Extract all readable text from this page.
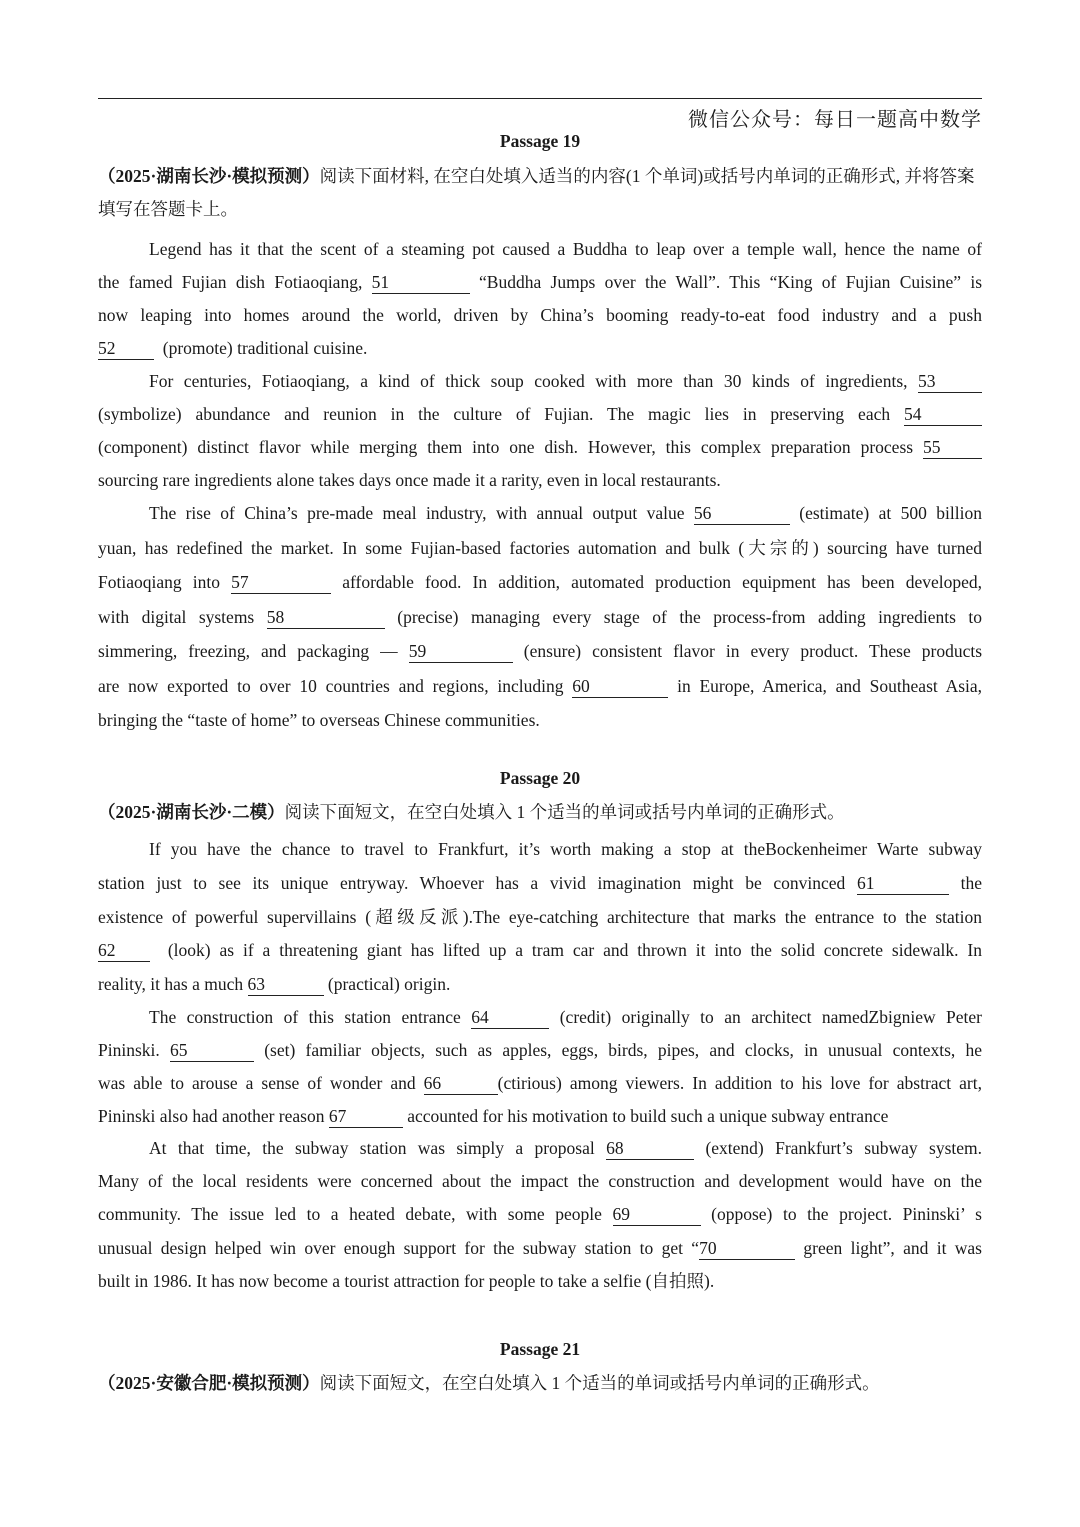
微信公众号：每日一题高中数学
Passage 19
（2025·湖南长沙·模拟预测）阅读下面材料, 在空白处填入适当的内容(1 个单词)或括号内单词的正确形式, 并将答案填写在答题卡上。
Legend has it that the scent of a steaming pot caused a Buddha to leap over a temple wall, hence the name of
the famed Fujian dish Fotiaoqiang, 51	“Buddha Jumps over the Wall”. This “King of Fujian Cuisine” is
now leaping into homes around the world, driven by China’s booming ready-to-eat food industry and a push
52	(promote) traditional cuisine.
For centuries, Fotiaoqiang, a kind of thick soup cooked with more than 30 kinds of ingredients, 53
(symbolize) abundance and reunion in the culture of Fujian. The magic lies in preserving each 54
(component) distinct flavor while merging them into one dish. However, this complex preparation process 55
sourcing rare ingredients alone takes days once made it a rarity, even in local restaurants.
The rise of China’s pre-made meal industry, with annual output value 56	(estimate) at 500 billion
yuan, has redefined the market. In some Fujian-based factories automation and bulk (大宗的) sourcing have turned
Fotiaoqiang into 57	affordable food. In addition, automated production equipment has been developed,
with digital systems 58	(precise) managing every stage of the process-from adding ingredients to
simmering, freezing, and packaging — 59	(ensure) consistent flavor in every product. These products
are now exported to over 10 countries and regions, including 60	in Europe, America, and Southeast Asia,
bringing the “taste of home” to overseas Chinese communities.
Passage 20
（2025·湖南长沙·二模）阅读下面短文，在空白处填入 1 个适当的单词或括号内单词的正确形式。
If you have the chance to travel to Frankfurt, it’s worth making a stop at theBockenheimer Warte subway
station just to see its unique entryway. Whoever has a vivid imagination might be convinced 61	the
existence of powerful supervillains (超级反派).The eye-catching architecture that marks the entrance to the station
62	(look) as if a threatening giant has lifted up a tram car and thrown it into the solid concrete sidewalk. In
reality, it has a much 63	(practical) origin.
The construction of this station entrance 64	(credit) originally to an architect namedZbigniew Peter
Pininski. 65	(set) familiar objects, such as apples, eggs, birds, pipes, and clocks, in unusual contexts, he
was able to arouse a sense of wonder and 66	(ctirious) among viewers. In addition to his love for abstract art,
Pininski also had another reason 67	accounted for his motivation to build such a unique subway entrance
At that time, the subway station was simply a proposal 68	(extend) Frankfurt’s subway system.
Many of the local residents were concerned about the impact the construction and development would have on the
community. The issue led to a heated debate, with some people 69	(oppose) to the project. Pininski’ s
unusual design helped win over enough support for the subway station to get “70	green light”, and it was
built in 1986. It has now become a tourist attraction for people to take a selfie (自拍照).
Passage 21
（2025·安徽合肥·模拟预测）阅读下面短文，在空白处填入 1 个适当的单词或括号内单词的正确形式。
